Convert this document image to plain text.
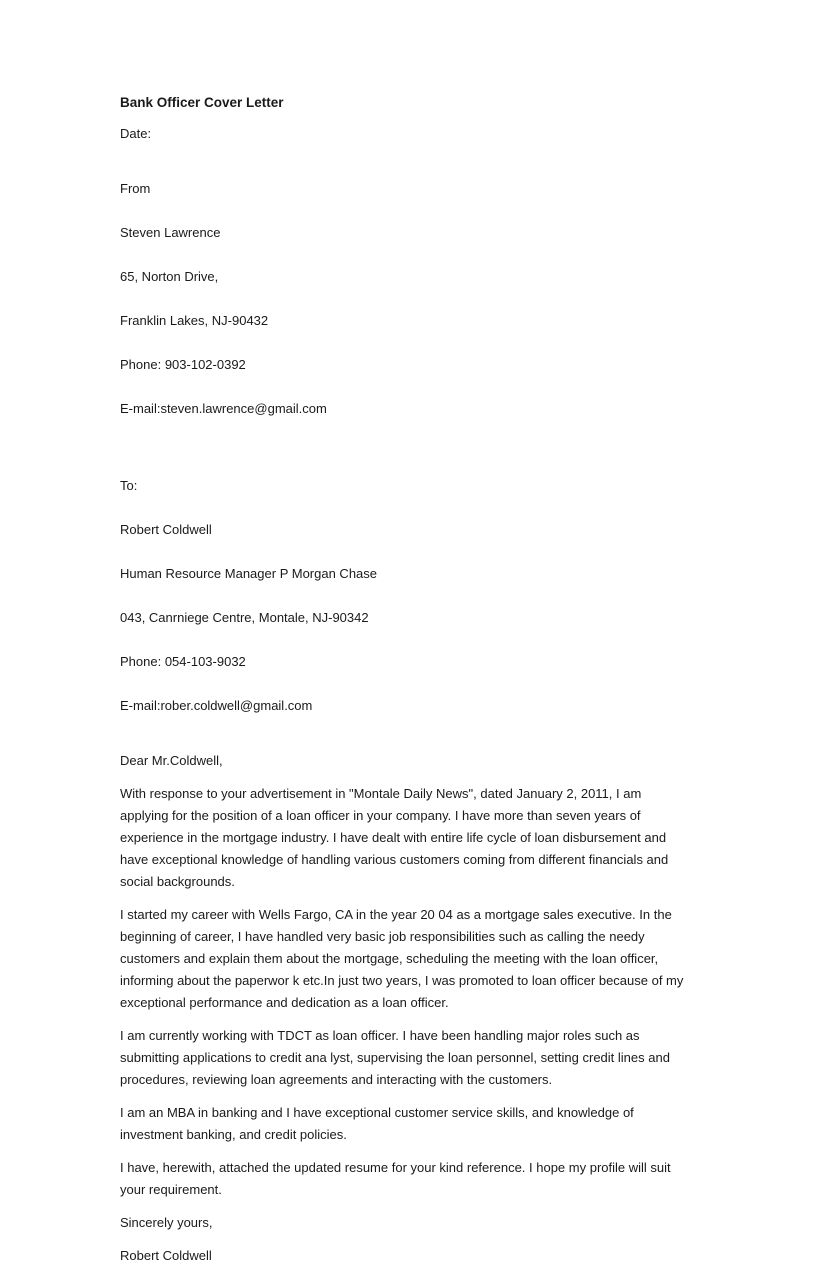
Bank Officer Cover Letter
Date:

From

Steven Lawrence

65, Norton Drive,

Franklin Lakes, NJ-90432

Phone: 903-102-0392

E-mail:steven.lawrence@gmail.com

To:

Robert Coldwell

Human Resource Manager P Morgan Chase

043, Canrniege Centre, Montale, NJ-90342

Phone: 054-103-9032

E-mail:rober.coldwell@gmail.com

Dear Mr.Coldwell,
With response to your advertisement in "Montale Daily News", dated January 2, 2011, I am
applying for the position of a loan officer in your company. I have more than seven years of
experience in the mortgage industry. I have dealt with entire life cycle of loan disbursement and
have exceptional knowledge of handling various customers coming from different financials and
social backgrounds.
I started my career with Wells Fargo, CA in the year 20 04 as a mortgage sales executive. In the
beginning of career, I have handled very basic job responsibilities such as calling the needy
customers and explain them about the mortgage, scheduling the meeting with the loan officer,
informing about the paperwor k etc.In just two years, I was promoted to loan officer because of my
exceptional performance and dedication as a loan officer.
I am currently working with TDCT as loan officer. I have been handling major roles such as
submitting applications to credit ana lyst, supervising the loan personnel, setting credit lines and
procedures, reviewing loan agreements and interacting with the customers.
I am an MBA in banking and I have exceptional customer service skills, and knowledge of
investment banking, and credit policies.
I have, herewith, attached the updated resume for your kind reference. I hope my profile will suit
your requirement.
Sincerely yours,
Robert Coldwell
